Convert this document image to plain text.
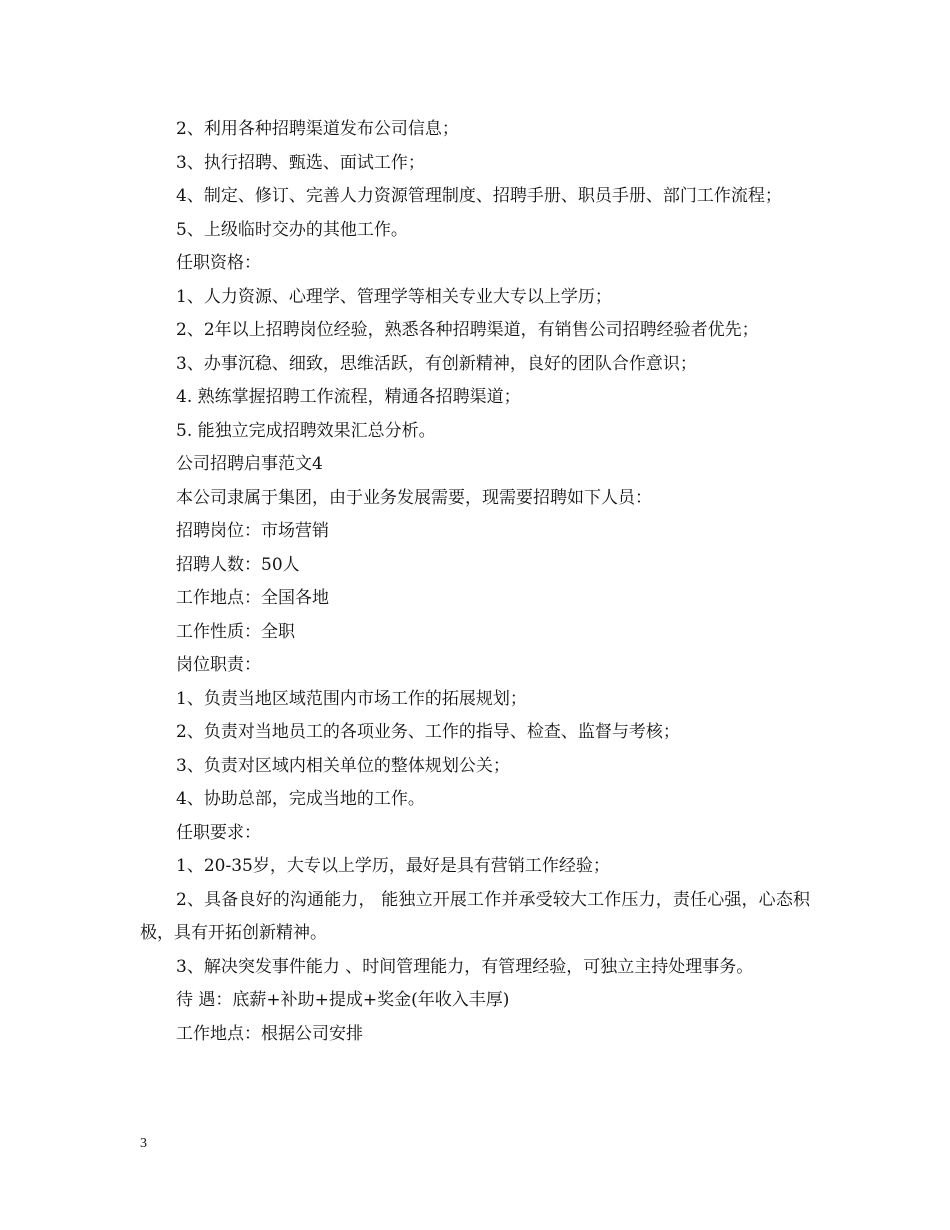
2、利用各种招聘渠道发布公司信息；

3、执行招聘、甄选、面试工作；

4、制定、修订、完善人力资源管理制度、招聘手册、职员手册、部门工作流程；

5、上级临时交办的其他工作。

任职资格：

1、人力资源、心理学、管理学等相关专业大专以上学历；

2、2年以上招聘岗位经验，熟悉各种招聘渠道，有销售公司招聘经验者优先；

3、办事沉稳、细致，思维活跃，有创新精神，良好的团队合作意识；

4. 熟练掌握招聘工作流程，精通各招聘渠道；

5. 能独立完成招聘效果汇总分析。

公司招聘启事范文4

本公司隶属于集团，由于业务发展需要，现需要招聘如下人员：

招聘岗位：市场营销

招聘人数：50人

工作地点：全国各地

工作性质：全职

岗位职责：

1、负责当地区域范围内市场工作的拓展规划；

2、负责对当地员工的各项业务、工作的指导、检查、监督与考核；

3、负责对区域内相关单位的整体规划公关；

4、协助总部，完成当地的工作。

任职要求：

1、20-35岁，大专以上学历，最好是具有营销工作经验；

2、具备良好的沟通能力， 能独立开展工作并承受较大工作压力，责任心强，心态积极，具有开拓创新精神。

3、解决突发事件能力 、时间管理能力，有管理经验，可独立主持处理事务。

待 遇：底薪+补助+提成+奖金(年收入丰厚)

工作地点：根据公司安排

3
